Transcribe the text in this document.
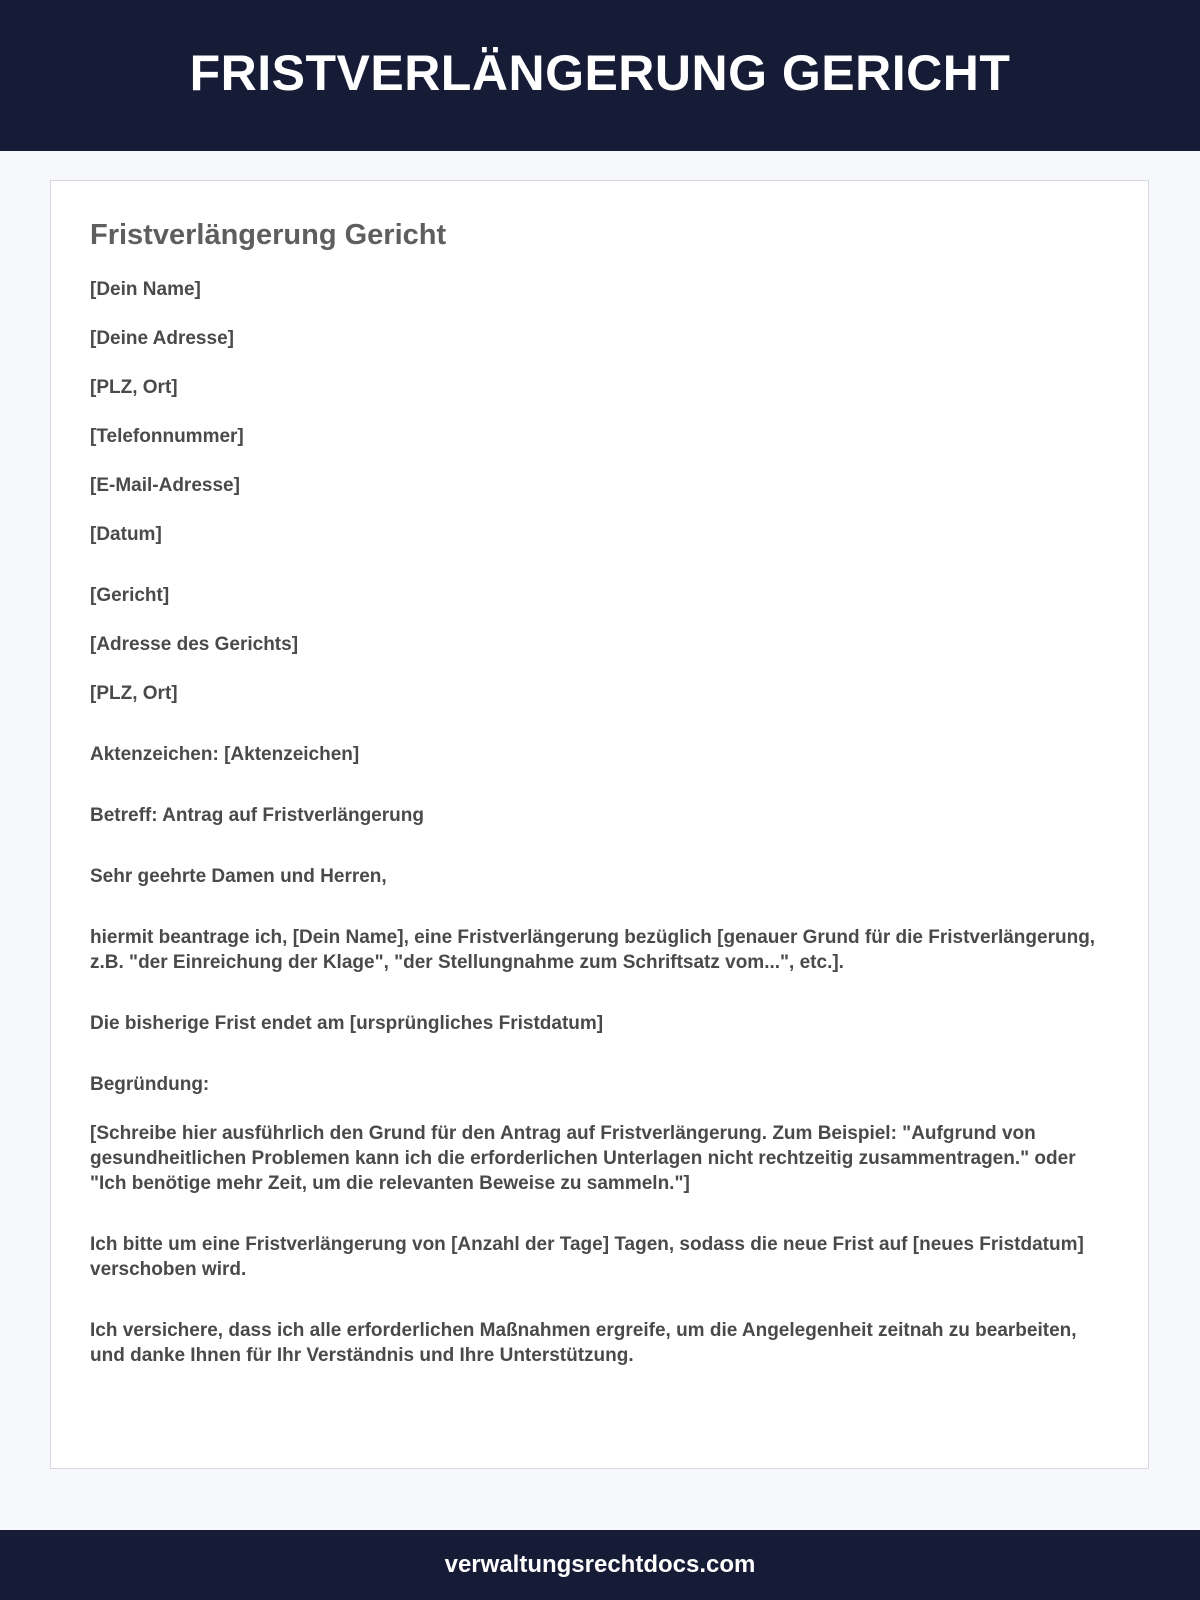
FRISTVERLÄNGERUNG GERICHT
Fristverlängerung Gericht

[Dein Name]

[Deine Adresse]

[PLZ, Ort]

[Telefonnummer]

[E-Mail-Adresse]

[Datum]

[Gericht]

[Adresse des Gerichts]

[PLZ, Ort]

Aktenzeichen: [Aktenzeichen]

Betreff: Antrag auf Fristverlängerung

Sehr geehrte Damen und Herren,

hiermit beantrage ich, [Dein Name], eine Fristverlängerung bezüglich [genauer Grund für die Fristverlängerung, z.B. "der Einreichung der Klage", "der Stellungnahme zum Schriftsatz vom...", etc.].

Die bisherige Frist endet am [ursprüngliches Fristdatum]

Begründung:

[Schreibe hier ausführlich den Grund für den Antrag auf Fristverlängerung. Zum Beispiel: "Aufgrund von gesundheitlichen Problemen kann ich die erforderlichen Unterlagen nicht rechtzeitig zusammentragen." oder "Ich benötige mehr Zeit, um die relevanten Beweise zu sammeln."]

Ich bitte um eine Fristverlängerung von [Anzahl der Tage] Tagen, sodass die neue Frist auf [neues Fristdatum] verschoben wird.

Ich versichere, dass ich alle erforderlichen Maßnahmen ergreife, um die Angelegenheit zeitnah zu bearbeiten, und danke Ihnen für Ihr Verständnis und Ihre Unterstützung.

verwaltungsrechtdocs.com
